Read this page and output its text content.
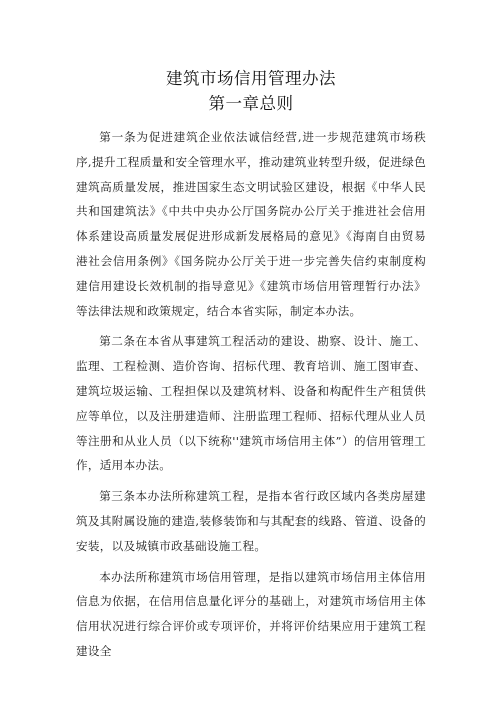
建筑市场信用管理办法
第一章总则

第一条为促进建筑企业依法诚信经营,进一步规范建筑市场秩序,提升工程质量和安全管理水平，推动建筑业转型升级，促进绿色建筑高质量发展，推进国家生态文明试验区建设，根据《中华人民共和国建筑法》《中共中央办公厅国务院办公厅关于推进社会信用体系建设高质量发展促进形成新发展格局的意见》《海南自由贸易港社会信用条例》《国务院办公厅关于进一步完善失信约束制度构建信用建设长效机制的指导意见》《建筑市场信用管理暂行办法》等法律法规和政策规定，结合本省实际，制定本办法。

第二条在本省从事建筑工程活动的建设、勘察、设计、施工、监理、工程检测、造价咨询、招标代理、教育培训、施工图审查、建筑垃圾运输、工程担保以及建筑材料、设备和构配件生产租赁供应等单位，以及注册建造师、注册监理工程师、招标代理从业人员等注册和从业人员（以下统称''建筑市场信用主体”）的信用管理工作，适用本办法。

第三条本办法所称建筑工程，是指本省行政区域内各类房屋建筑及其附属设施的建造,装修装饰和与其配套的线路、管道、设备的安装，以及城镇市政基础设施工程。

本办法所称建筑市场信用管理，是指以建筑市场信用主体信用信息为依据，在信用信息量化评分的基础上，对建筑市场信用主体信用状况进行综合评价或专项评价，并将评价结果应用于建筑工程建设全
